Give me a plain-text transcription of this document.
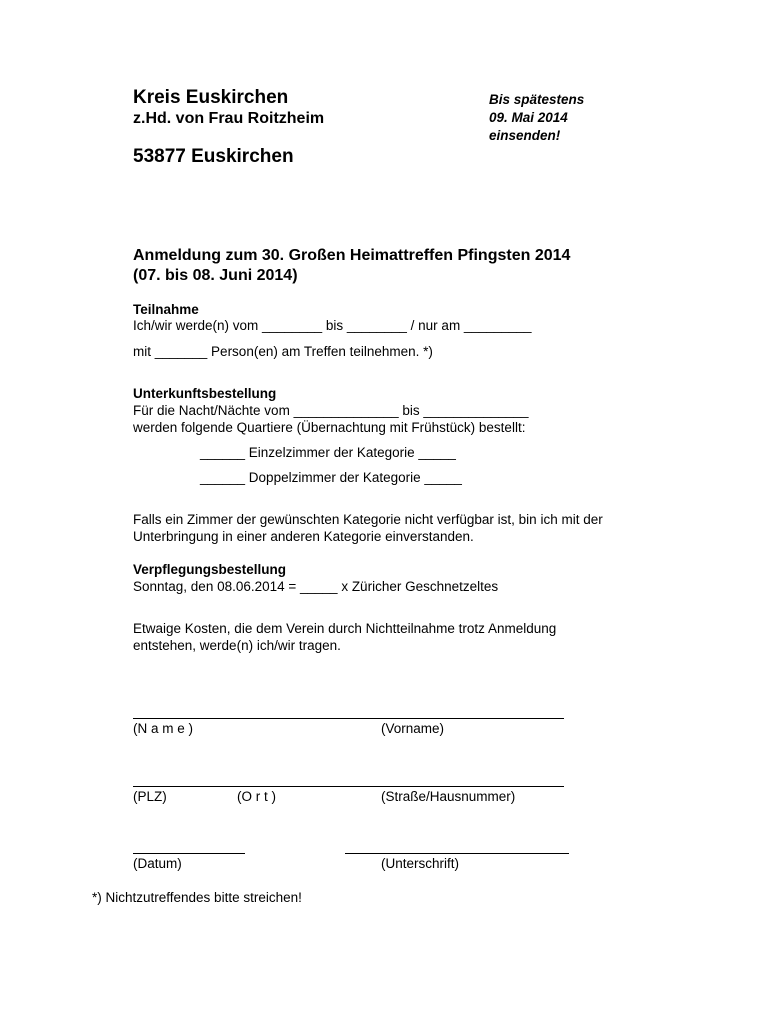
Kreis Euskirchen
z.Hd. von Frau Roitzheim
53877 Euskirchen
Bis spätestens
09. Mai 2014
einsenden!
Anmeldung zum 30. Großen Heimattreffen Pfingsten 2014
(07. bis 08. Juni 2014)
Teilnahme
Ich/wir werde(n) vom ________ bis ________ / nur am _________
mit _______ Person(en) am Treffen teilnehmen. *)
Unterkunftsbestellung
Für die Nacht/Nächte vom ______________ bis ______________
werden folgende Quartiere (Übernachtung mit Frühstück) bestellt:
______ Einzelzimmer der Kategorie _____
______ Doppelzimmer der Kategorie _____
Falls ein Zimmer der gewünschten Kategorie nicht verfügbar ist, bin ich mit der
Unterbringung in einer anderen Kategorie einverstanden.
Verpflegungsbestellung
Sonntag, den 08.06.2014 = _____ x Züricher Geschnetzeltes
Etwaige Kosten, die dem Verein durch Nichtteilnahme trotz Anmeldung
entstehen, werde(n) ich/wir tragen.
(N a m e )	(Vorname)
(PLZ)	(O r t )	(Straße/Hausnummer)
(Datum)	(Unterschrift)
*) Nichtzutreffendes bitte streichen!
